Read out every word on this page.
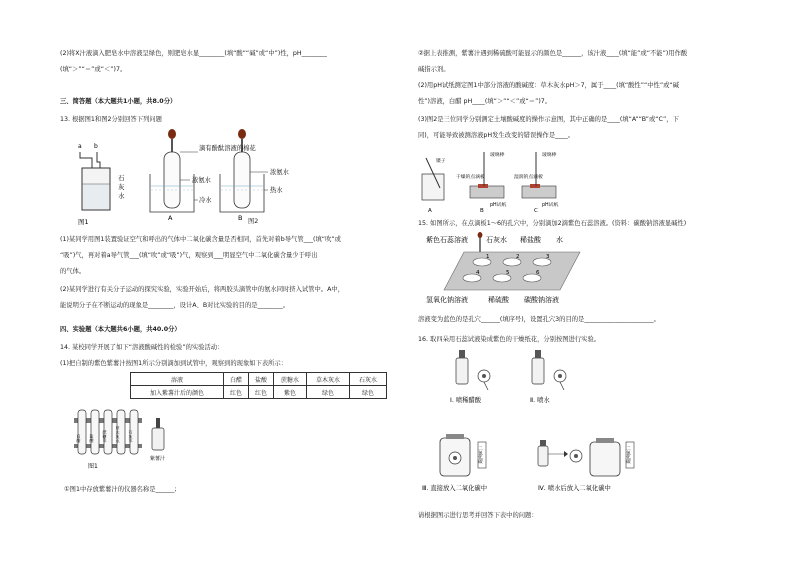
(2)将X汁液滴入肥皂水中溶液呈绿色，则肥皂水显________(填“酸”“碱”或“中”)性，pH________
(填“＞”“＝”或“＜”)7。
三、简答题（本大题共1小题，共8.0分）
13. 根据图1和图2分别回答下列问题
a b
石
灰
水
图1
滴有酚酞溶液的棉花
浓氨水
冷水
浓氨水
热水
A	B 图2
(1)某同学用图1装置验证空气和呼出的气体中二氧化碳含量是否相同，首先对着b导气管___(填“吹”或
“吸”)气，再对着a导气管___(填“吹”或“吸”)气，观察到___明显空气中二氧化碳含量少于呼出
的气体。
(2)某同学进行有关分子运动的探究实验，实验开始后，将两胶头滴管中的氨水同时挤入试管中。A中，
能说明分子在不断运动的现象是________，设计A、B对比实验的目的是________。
四、实验题（本大题共6小题，共40.0分）
14. 某校同学开展了如下“溶液酸碱性的检验”的实验活动：
(1)把自制的紫色紫薯汁按图1所示分别滴加到试管中，观察到的现象如下表所示：
溶液	白醋	盐酸	蔗糖水	草木灰水	石灰水
加入紫薯汁后的颜色	红色	红色	紫色	绿色	绿色
白醋 盐酸 蔗糖水 草木灰水 石灰水
紫薯汁
图1
①图1中存放紫薯汁的仪器名称是______;
②据上表推测，紫薯汁遇到稀硫酸可能显示的颜色是______，该汁液____(填“能”或“不能”)用作酸
碱指示剂。
(2)用pH试纸测定图1中部分溶液的酸碱度：草木灰水pH＞7，属于____(填“酸性”“中性”或“碱
性”)溶液，白醋 pH____(填“＞”“＜”或“＝”)7。
(3)图2是三位同学分别测定土壤酸碱度的操作示意图，其中正确的是____(填“A”“B”或“C”，下
同)，可能导致被测溶液pH发生改变的错误操作是____。
镊子
A
玻璃棒
干燥的点滴板
pH试纸
B
玻璃棒
湿润的点滴板
pH试纸
C
15. 如图所示，在点滴板1～6的孔穴中，分别滴加2滴紫色石蕊溶液。(资料：碳酸钠溶液显碱性)
紫色石蕊溶液	石灰水 稀盐酸 水
1	2	3
4	5	6
氢氧化钠溶液	稀硫酸 碳酸钠溶液
溶液变为蓝色的是孔穴______(填序号)，设置孔穴3的目的是______________________。
16. 取四朵用石蕊试液染成紫色的干燥纸花，分别按图进行实验。
Ⅰ. 喷稀醋酸	Ⅱ. 喷水
二氧化碳
Ⅲ. 直接放入二氧化碳中
二氧化碳
Ⅳ. 喷水后放入二氧化碳中
请根据图示进行思考并回答下表中的问题：
